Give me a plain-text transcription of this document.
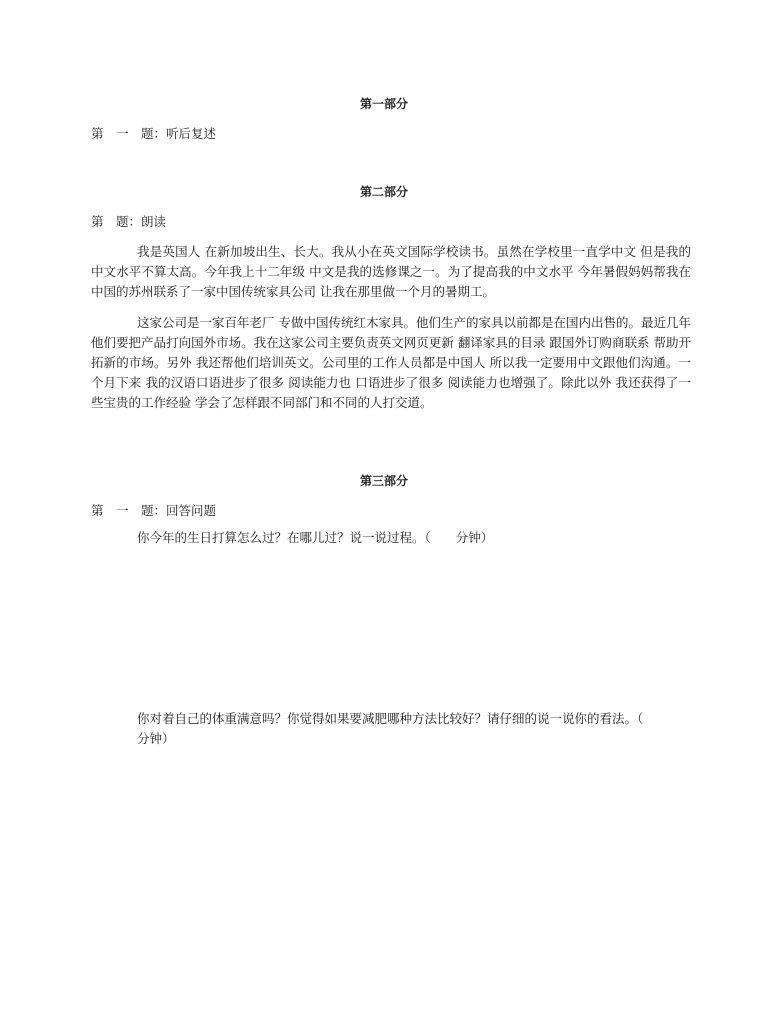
第一部分
第　一　题：听后复述
第二部分
第　题：朗读

我是英国人 在新加坡出生、长大。我从小在英文国际学校读书。虽然在学校里一直学中文 但是我的中文水平不算太高。今年我上十二年级 中文是我的选修课之一。为了提高我的中文水平 今年暑假妈妈帮我在中国的苏州联系了一家中国传统家具公司 让我在那里做一个月的暑期工。

这家公司是一家百年老厂 专做中国传统红木家具。他们生产的家具以前都是在国内出售的。最近几年 他们要把产品打向国外市场。我在这家公司主要负责英文网页更新 翻译家具的目录 跟国外订购商联系 帮助开拓新的市场。另外 我还帮他们培训英文。公司里的工作人员都是中国人 所以我一定要用中文跟他们沟通。一个月下来 我的汉语口语进步了很多 阅读能力也 口语进步了很多 阅读能力也增强了。除此以外 我还获得了一些宝贵的工作经验 学会了怎样跟不同部门和不同的人打交道。

第三部分
第　一　题：回答问题

你今年的生日打算怎么过？在哪儿过？说一说过程。（　　分钟）

你对着自己的体重满意吗？你觉得如果要减肥哪种方法比较好？请仔细的说一说你的看法。（　　分钟）
